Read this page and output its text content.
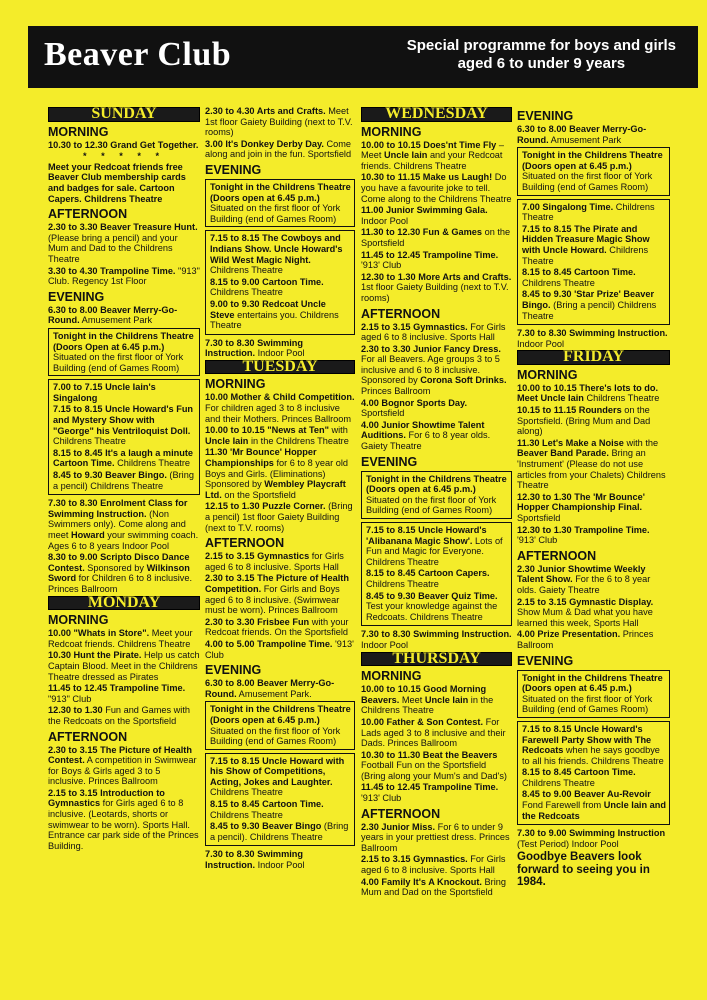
Beaver Club	Special programme for boys and girls
aged 6 to under 9 years
SUNDAY
MORNING
10.30 to 12.30 Grand Get Together.
* * * * *
Meet your Redcoat friends free Beaver Club membership cards and badges for sale. Cartoon Capers. Childrens Theatre
AFTERNOON
2.30 to 3.30 Beaver Treasure Hunt. (Please bring a pencil) and your Mum and Dad to the Childrens Theatre
3.30 to 4.30 Trampoline Time. "913" Club. Regency 1st Floor
EVENING
6.30 to 8.00 Beaver Merry-Go-Round. Amusement Park
Tonight in the Childrens Theatre (Doors Open at 6.45 p.m.)
Situated on the first floor of York Building (end of Games Room)
7.00 to 7.15 Uncle Iain's Singalong
7.15 to 8.15 Uncle Howard's Fun and Mystery Show with "George" his Ventriloquist Doll. Childrens Theatre
8.15 to 8.45 It's a laugh a minute Cartoon Time. Childrens Theatre
8.45 to 9.30 Beaver Bingo. (Bring a pencil) Childrens Theatre
7.30 to 8.30 Enrolment Class for Swimming Instruction. (Non Swimmers only). Come along and meet Howard your swimming coach. Ages 6 to 8 years Indoor Pool
8.30 to 9.00 Scripto Disco Dance Contest. Sponsored by Wilkinson Sword for Children 6 to 8 inclusive. Princes Ballroom
MONDAY
MORNING
10.00 "Whats in Store". Meet your Redcoat friends. Childrens Theatre
10.30 Hunt the Pirate. Help us catch Captain Blood. Meet in the Childrens Theatre dressed as Pirates
11.45 to 12.45 Trampoline Time. "913" Club
12.30 to 1.30 Fun and Games with the Redcoats on the Sportsfield
AFTERNOON
2.30 to 3.15 The Picture of Health Contest. A competition in Swimwear for Boys & Girls aged 3 to 5 inclusive. Princes Ballroom
2.15 to 3.15 Introduction to Gymnastics for Girls aged 6 to 8 inclusive. (Leotards, shorts or swimwear to be worn). Sports Hall. Entrance car park side of the Princes Building.
2.30 to 4.30 Arts and Crafts. Meet 1st floor Gaiety Building (next to T.V. rooms)
3.00 It's Donkey Derby Day. Come along and join in the fun. Sportsfield
EVENING
Tonight in the Childrens Theatre (Doors open at 6.45 p.m.)
Situated on the first floor of York Building (end of Games Room)
7.15 to 8.15 The Cowboys and Indians Show. Uncle Howard's Wild West Magic Night. Childrens Theatre
8.15 to 9.00 Cartoon Time. Childrens Theatre
9.00 to 9.30 Redcoat Uncle Steve entertains you. Childrens Theatre
7.30 to 8.30 Swimming Instruction. Indoor Pool
TUESDAY
MORNING
10.00 Mother & Child Competition. For children aged 3 to 8 inclusive and their Mothers. Princes Ballroom
10.00 to 10.15 "News at Ten" with Uncle Iain in the Childrens Theatre
11.30 'Mr Bounce' Hopper Championships for 6 to 8 year old Boys and Girls. (Eliminations) Sponsored by Wembley Playcraft Ltd. on the Sportsfield
12.15 to 1.30 Puzzle Corner. (Bring a pencil) 1st floor Gaiety Building (next to T.V. rooms)
AFTERNOON
2.15 to 3.15 Gymnastics for Girls aged 6 to 8 inclusive. Sports Hall
2.30 to 3.15 The Picture of Health Competition. For Girls and Boys aged 6 to 8 inclusive. (Swimwear must be worn). Princes Ballroom
2.30 to 3.30 Frisbee Fun with your Redcoat friends. On the Sportsfield
4.00 to 5.00 Trampoline Time. '913' Club
EVENING
6.30 to 8.00 Beaver Merry-Go-Round. Amusement Park.
Tonight in the Childrens Theatre (Doors open at 6.45 p.m.)
Situated on the first floor of York Building (end of Games Room)
7.15 to 8.15 Uncle Howard with his Show of Competitions, Acting, Jokes and Laughter. Childrens Theatre
8.15 to 8.45 Cartoon Time. Childrens Theatre
8.45 to 9.30 Beaver Bingo (Bring a pencil). Childrens Theatre
7.30 to 8.30 Swimming Instruction. Indoor Pool
WEDNESDAY
MORNING
10.00 to 10.15 Does'nt Time Fly – Meet Uncle Iain and your Redcoat friends. Childrens Theatre
10.30 to 11.15 Make us Laugh! Do you have a favourite joke to tell. Come along to the Childrens Theatre
11.00 Junior Swimming Gala. Indoor Pool
11.30 to 12.30 Fun & Games on the Sportsfield
11.45 to 12.45 Trampoline Time. '913' Club
12.30 to 1.30 More Arts and Crafts. 1st floor Gaiety Building (next to T.V. rooms)
AFTERNOON
2.15 to 3.15 Gymnastics. For Girls aged 6 to 8 inclusive. Sports Hall
2.30 to 3.30 Junior Fancy Dress. For all Beavers. Age groups 3 to 5 inclusive and 6 to 8 inclusive. Sponsored by Corona Soft Drinks. Princes Ballroom
4.00 Bognor Sports Day. Sportsfield
4.00 Junior Showtime Talent Auditions. For 6 to 8 year olds. Gaiety Theatre
EVENING
Tonight in the Childrens Theatre (Doors open at 6.45 p.m.)
Situated on the first floor of York Building (end of Games Room)
7.15 to 8.15 Uncle Howard's 'Alibanana Magic Show'. Lots of Fun and Magic for Everyone. Childrens Theatre
8.15 to 8.45 Cartoon Capers. Childrens Theatre
8.45 to 9.30 Beaver Quiz Time. Test your knowledge against the Redcoats. Childrens Theatre
7.30 to 8.30 Swimming Instruction. Indoor Pool
THURSDAY
MORNING
10.00 to 10.15 Good Morning Beavers. Meet Uncle Iain in the Childrens Theatre
10.00 Father & Son Contest. For Lads aged 3 to 8 inclusive and their Dads. Princes Ballroom
10.30 to 11.30 Beat the Beavers Football Fun on the Sportsfield (Bring along your Mum's and Dad's)
11.45 to 12.45 Trampoline Time. '913' Club
AFTERNOON
2.30 Junior Miss. For 6 to under 9 years in your prettiest dress. Princes Ballroom
2.15 to 3.15 Gymnastics. For Girls aged 6 to 8 inclusive. Sports Hall
4.00 Family It's A Knockout. Bring Mum and Dad on the Sportsfield
EVENING
6.30 to 8.00 Beaver Merry-Go-Round. Amusement Park
Tonight in the Childrens Theatre (Doors open at 6.45 p.m.)
Situated on the first floor of York Building (end of Games Room)
7.00 Singalong Time. Childrens Theatre
7.15 to 8.15 The Pirate and Hidden Treasure Magic Show with Uncle Howard. Childrens Theatre
8.15 to 8.45 Cartoon Time. Childrens Theatre
8.45 to 9.30 'Star Prize' Beaver Bingo. (Bring a pencil) Childrens Theatre
7.30 to 8.30 Swimming Instruction. Indoor Pool
FRIDAY
MORNING
10.00 to 10.15 There's lots to do. Meet Uncle Iain Childrens Theatre
10.15 to 11.15 Rounders on the Sportsfield. (Bring Mum and Dad along)
11.30 Let's Make a Noise with the Beaver Band Parade. Bring an 'Instrument' (Please do not use articles from your Chalets) Childrens Theatre
12.30 to 1.30 The 'Mr Bounce' Hopper Championship Final. Sportsfield
12.30 to 1.30 Trampoline Time. '913' Club
AFTERNOON
2.30 Junior Showtime Weekly Talent Show. For the 6 to 8 year olds. Gaiety Theatre
2.15 to 3.15 Gymnastic Display. Show Mum & Dad what you have learned this week, Sports Hall
4.00 Prize Presentation. Princes Ballroom
EVENING
Tonight in the Childrens Theatre (Doors open at 6.45 p.m.)
Situated on the first floor of York Building (end of Games Room)
7.15 to 8.15 Uncle Howard's Farewell Party Show with The Redcoats when he says goodbye to all his friends. Childrens Theatre
8.15 to 8.45 Cartoon Time. Childrens Theatre
8.45 to 9.00 Beaver Au-Revoir Fond Farewell from Uncle Iain and the Redcoats
7.30 to 9.00 Swimming Instruction (Test Period) Indoor Pool
Goodbye Beavers look forward to seeing you in 1984.
